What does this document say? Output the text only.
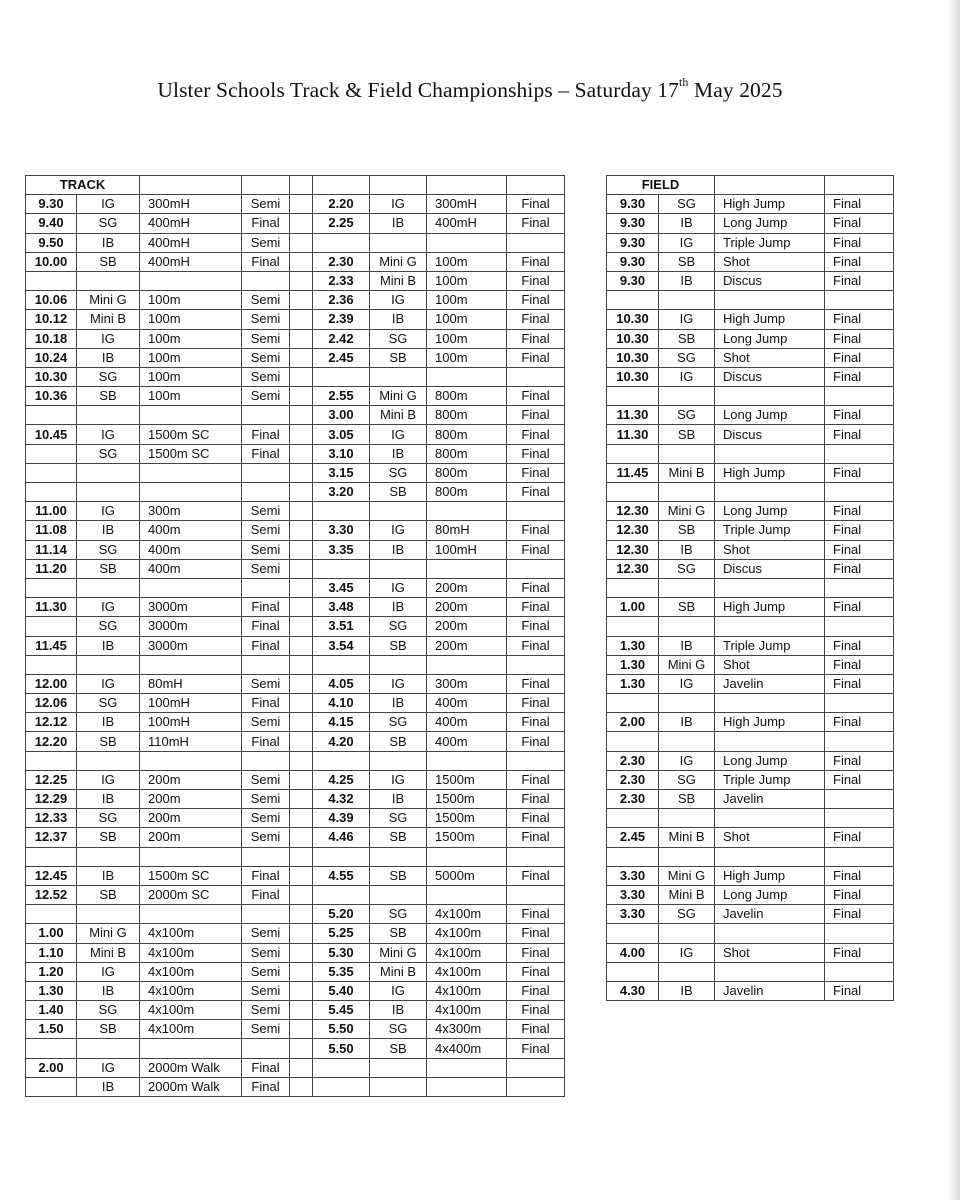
Ulster Schools Track & Field Championships – Saturday 17th May 2025
TRACK								
9.30	IG	300mH	Semi		2.20	IG	300mH	Final
9.40	SG	400mH	Final		2.25	IB	400mH	Final
9.50	IB	400mH	Semi					
10.00	SB	400mH	Final		2.30	Mini G	100m	Final
					2.33	Mini B	100m	Final
10.06	Mini G	100m	Semi		2.36	IG	100m	Final
10.12	Mini B	100m	Semi		2.39	IB	100m	Final
10.18	IG	100m	Semi		2.42	SG	100m	Final
10.24	IB	100m	Semi		2.45	SB	100m	Final
10.30	SG	100m	Semi					
10.36	SB	100m	Semi		2.55	Mini G	800m	Final
					3.00	Mini B	800m	Final
10.45	IG	1500m SC	Final		3.05	IG	800m	Final
	SG	1500m SC	Final		3.10	IB	800m	Final
					3.15	SG	800m	Final
					3.20	SB	800m	Final
11.00	IG	300m	Semi					
11.08	IB	400m	Semi		3.30	IG	80mH	Final
11.14	SG	400m	Semi		3.35	IB	100mH	Final
11.20	SB	400m	Semi					
					3.45	IG	200m	Final
11.30	IG	3000m	Final		3.48	IB	200m	Final
	SG	3000m	Final		3.51	SG	200m	Final
11.45	IB	3000m	Final		3.54	SB	200m	Final

12.00	IG	80mH	Semi		4.05	IG	300m	Final
12.06	SG	100mH	Final		4.10	IB	400m	Final
12.12	IB	100mH	Semi		4.15	SG	400m	Final
12.20	SB	110mH	Final		4.20	SB	400m	Final

12.25	IG	200m	Semi		4.25	IG	1500m	Final
12.29	IB	200m	Semi		4.32	IB	1500m	Final
12.33	SG	200m	Semi		4.39	SG	1500m	Final
12.37	SB	200m	Semi		4.46	SB	1500m	Final

12.45	IB	1500m SC	Final		4.55	SB	5000m	Final
12.52	SB	2000m SC	Final					
					5.20	SG	4x100m	Final
1.00	Mini G	4x100m	Semi		5.25	SB	4x100m	Final
1.10	Mini B	4x100m	Semi		5.30	Mini G	4x100m	Final
1.20	IG	4x100m	Semi		5.35	Mini B	4x100m	Final
1.30	IB	4x100m	Semi		5.40	IG	4x100m	Final
1.40	SG	4x100m	Semi		5.45	IB	4x100m	Final
1.50	SB	4x100m	Semi		5.50	SG	4x300m	Final
					5.50	SB	4x400m	Final
2.00	IG	2000m Walk	Final					
	IB	2000m Walk	Final					
FIELD			
9.30	SG	High Jump	Final
9.30	IB	Long Jump	Final
9.30	IG	Triple Jump	Final
9.30	SB	Shot	Final
9.30	IB	Discus	Final

10.30	IG	High Jump	Final
10.30	SB	Long Jump	Final
10.30	SG	Shot	Final
10.30	IG	Discus	Final

11.30	SG	Long Jump	Final
11.30	SB	Discus	Final

11.45	Mini B	High Jump	Final

12.30	Mini G	Long Jump	Final
12.30	SB	Triple Jump	Final
12.30	IB	Shot	Final
12.30	SG	Discus	Final

1.00	SB	High Jump	Final

1.30	IB	Triple Jump	Final
1.30	Mini G	Shot	Final
1.30	IG	Javelin	Final

2.00	IB	High Jump	Final

2.30	IG	Long Jump	Final
2.30	SG	Triple Jump	Final
2.30	SB	Javelin	

2.45	Mini B	Shot	Final

3.30	Mini G	High Jump	Final
3.30	Mini B	Long Jump	Final
3.30	SG	Javelin	Final

4.00	IG	Shot	Final

4.30	IB	Javelin	Final
